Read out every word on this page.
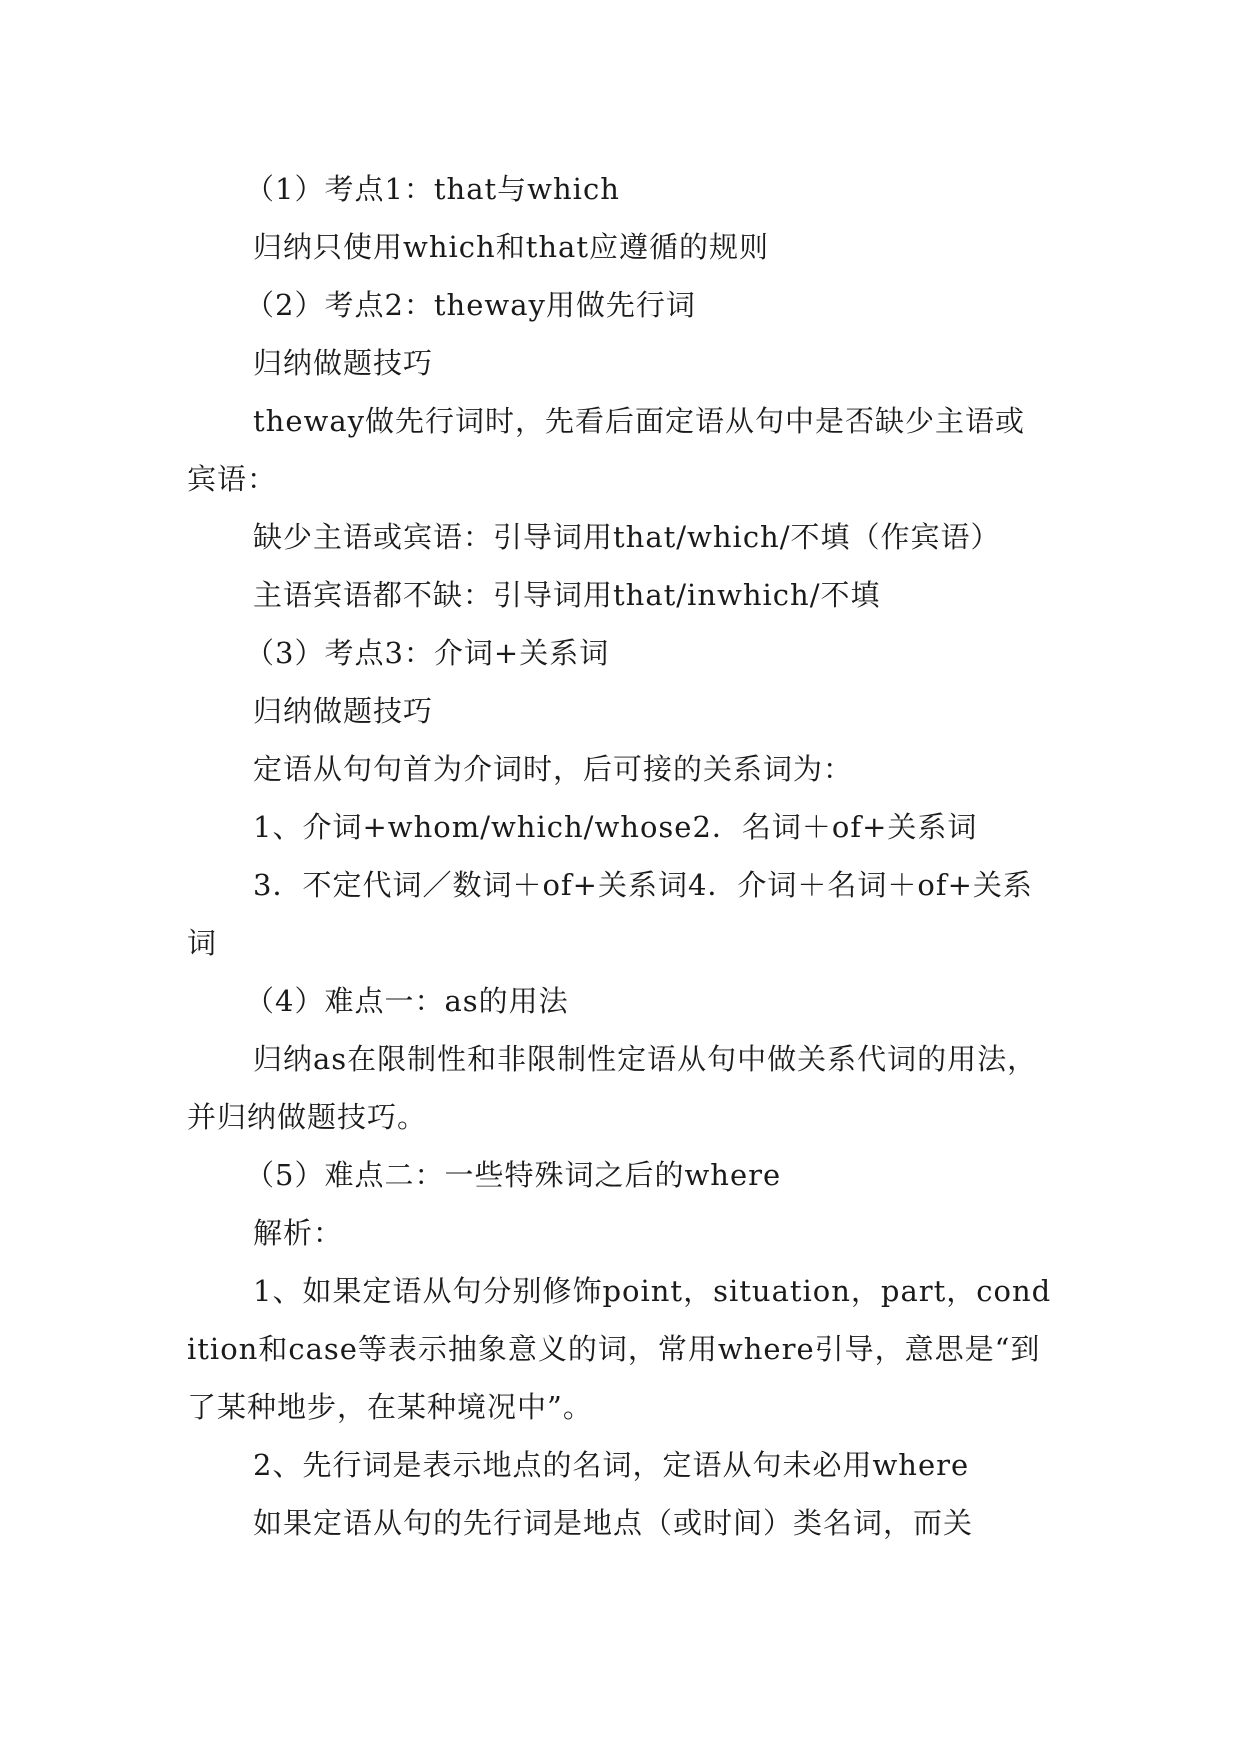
（1）考点1：that与which

归纳只使用which和that应遵循的规则

（2）考点2：theway用做先行词

归纳做题技巧

theway做先行词时，先看后面定语从句中是否缺少主语或宾语：

缺少主语或宾语：引导词用that/which/不填（作宾语）

主语宾语都不缺：引导词用that/inwhich/不填

（3）考点3：介词+关系词

归纳做题技巧

定语从句句首为介词时，后可接的关系词为：

1、介词+whom/which/whose2．名词＋of+关系词

3．不定代词／数词＋of+关系词4．介词＋名词＋of+关系词

（4）难点一：as的用法

归纳as在限制性和非限制性定语从句中做关系代词的用法，并归纳做题技巧。

（5）难点二：一些特殊词之后的where

解析：

1、如果定语从句分别修饰point，situation，part，condition和case等表示抽象意义的词，常用where引导，意思是“到了某种地步，在某种境况中”。

2、先行词是表示地点的名词，定语从句未必用where

如果定语从句的先行词是地点（或时间）类名词，而关
